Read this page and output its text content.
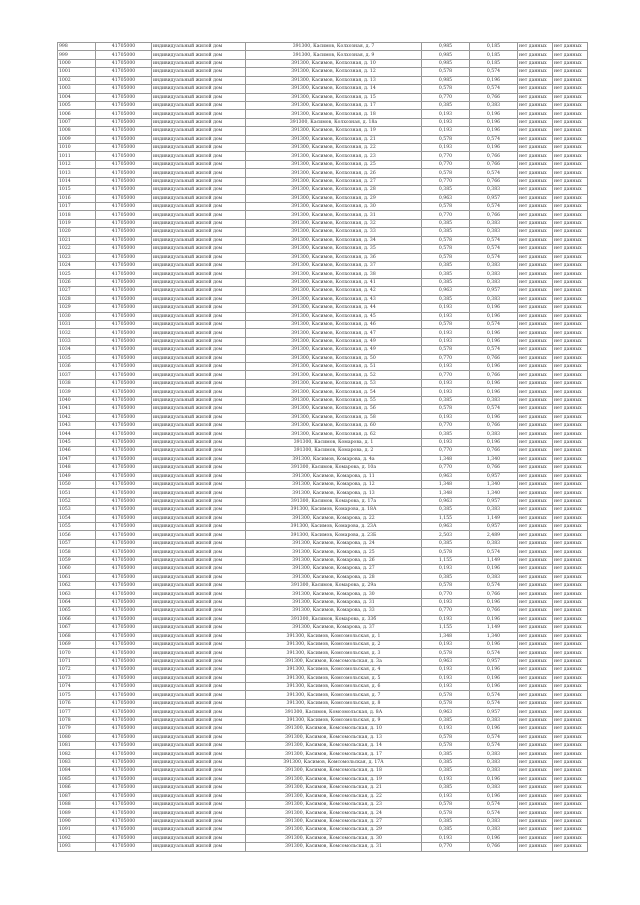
998	41705000	индивидуальный жилой дом	391300, Касимов, Колхозная, д. 7	0,985	0,185	нет данных	нет данных
999	41705000	индивидуальный жилой дом	391300, Касимов, Колхозная, д. 9	0,985	0,185	нет данных	нет данных
1000	41705000	индивидуальный жилой дом	391300, Касимов, Колхозная, д. 10	0,985	0,185	нет данных	нет данных
1001	41705000	индивидуальный жилой дом	391300, Касимов, Колхозная, д. 12	0,578	0,574	нет данных	нет данных
1002	41705000	индивидуальный жилой дом	391300, Касимов, Колхозная, д. 13	0,985	0,196	нет данных	нет данных
1003	41705000	индивидуальный жилой дом	391300, Касимов, Колхозная, д. 14	0,578	0,574	нет данных	нет данных
1004	41705000	индивидуальный жилой дом	391300, Касимов, Колхозная, д. 15	0,770	0,766	нет данных	нет данных
1005	41705000	индивидуальный жилой дом	391300, Касимов, Колхозная, д. 17	0,385	0,383	нет данных	нет данных
1006	41705000	индивидуальный жилой дом	391300, Касимов, Колхозная, д. 18	0,193	0,196	нет данных	нет данных
1007	41705000	индивидуальный жилой дом	391300, Касимов, Колхозная, д. 18а	0,193	0,196	нет данных	нет данных
1008	41705000	индивидуальный жилой дом	391300, Касимов, Колхозная, д. 19	0,193	0,196	нет данных	нет данных
1009	41705000	индивидуальный жилой дом	391300, Касимов, Колхозная, д. 21	0,578	0,574	нет данных	нет данных
1010	41705000	индивидуальный жилой дом	391300, Касимов, Колхозная, д. 22	0,193	0,196	нет данных	нет данных
1011	41705000	индивидуальный жилой дом	391300, Касимов, Колхозная, д. 23	0,770	0,766	нет данных	нет данных
1012	41705000	индивидуальный жилой дом	391300, Касимов, Колхозная, д. 25	0,770	0,766	нет данных	нет данных
1013	41705000	индивидуальный жилой дом	391300, Касимов, Колхозная, д. 26	0,578	0,574	нет данных	нет данных
1014	41705000	индивидуальный жилой дом	391300, Касимов, Колхозная, д. 27	0,770	0,766	нет данных	нет данных
1015	41705000	индивидуальный жилой дом	391300, Касимов, Колхозная, д. 28	0,385	0,383	нет данных	нет данных
1016	41705000	индивидуальный жилой дом	391300, Касимов, Колхозная, д. 29	0,963	0,957	нет данных	нет данных
1017	41705000	индивидуальный жилой дом	391300, Касимов, Колхозная, д. 30	0,578	0,574	нет данных	нет данных
1018	41705000	индивидуальный жилой дом	391300, Касимов, Колхозная, д. 31	0,770	0,766	нет данных	нет данных
1019	41705000	индивидуальный жилой дом	391300, Касимов, Колхозная, д. 32	0,385	0,383	нет данных	нет данных
1020	41705000	индивидуальный жилой дом	391300, Касимов, Колхозная, д. 33	0,385	0,383	нет данных	нет данных
1021	41705000	индивидуальный жилой дом	391300, Касимов, Колхозная, д. 34	0,578	0,574	нет данных	нет данных
1022	41705000	индивидуальный жилой дом	391300, Касимов, Колхозная, д. 35	0,578	0,574	нет данных	нет данных
1023	41705000	индивидуальный жилой дом	391300, Касимов, Колхозная, д. 36	0,578	0,574	нет данных	нет данных
1024	41705000	индивидуальный жилой дом	391300, Касимов, Колхозная, д. 37	0,385	0,383	нет данных	нет данных
1025	41705000	индивидуальный жилой дом	391300, Касимов, Колхозная, д. 38	0,385	0,383	нет данных	нет данных
1026	41705000	индивидуальный жилой дом	391300, Касимов, Колхозная, д. 41	0,385	0,383	нет данных	нет данных
1027	41705000	индивидуальный жилой дом	391300, Касимов, Колхозная, д. 42	0,963	0,957	нет данных	нет данных
1028	41705000	индивидуальный жилой дом	391300, Касимов, Колхозная, д. 43	0,385	0,383	нет данных	нет данных
1029	41705000	индивидуальный жилой дом	391300, Касимов, Колхозная, д. 44	0,193	0,196	нет данных	нет данных
1030	41705000	индивидуальный жилой дом	391300, Касимов, Колхозная, д. 45	0,193	0,196	нет данных	нет данных
1031	41705000	индивидуальный жилой дом	391300, Касимов, Колхозная, д. 46	0,578	0,574	нет данных	нет данных
1032	41705000	индивидуальный жилой дом	391300, Касимов, Колхозная, д. 47	0,193	0,196	нет данных	нет данных
1033	41705000	индивидуальный жилой дом	391300, Касимов, Колхозная, д. 49	0,193	0,196	нет данных	нет данных
1034	41705000	индивидуальный жилой дом	391300, Касимов, Колхозная, д. 49	0,578	0,574	нет данных	нет данных
1035	41705000	индивидуальный жилой дом	391300, Касимов, Колхозная, д. 50	0,770	0,766	нет данных	нет данных
1036	41705000	индивидуальный жилой дом	391300, Касимов, Колхозная, д. 51	0,193	0,196	нет данных	нет данных
1037	41705000	индивидуальный жилой дом	391300, Касимов, Колхозная, д. 52	0,770	0,766	нет данных	нет данных
1038	41705000	индивидуальный жилой дом	391300, Касимов, Колхозная, д. 53	0,193	0,196	нет данных	нет данных
1039	41705000	индивидуальный жилой дом	391300, Касимов, Колхозная, д. 54	0,193	0,196	нет данных	нет данных
1040	41705000	индивидуальный жилой дом	391300, Касимов, Колхозная, д. 55	0,385	0,383	нет данных	нет данных
1041	41705000	индивидуальный жилой дом	391300, Касимов, Колхозная, д. 56	0,578	0,574	нет данных	нет данных
1042	41705000	индивидуальный жилой дом	391300, Касимов, Колхозная, д. 58	0,193	0,196	нет данных	нет данных
1043	41705000	индивидуальный жилой дом	391300, Касимов, Колхозная, д. 60	0,770	0,766	нет данных	нет данных
1044	41705000	индивидуальный жилой дом	391300, Касимов, Колхозная, д. 62	0,385	0,383	нет данных	нет данных
1045	41705000	индивидуальный жилой дом	391300, Касимов, Комарова, д. 1	0,193	0,196	нет данных	нет данных
1046	41705000	индивидуальный жилой дом	391300, Касимов, Комарова, д. 2	0,770	0,766	нет данных	нет данных
1047	41705000	индивидуальный жилой дом	391300, Касимов, Комарова, д. 4а	1,348	1,340	нет данных	нет данных
1048	41705000	индивидуальный жилой дом	391300, Касимов, Комарова, д. 10а	0,770	0,766	нет данных	нет данных
1049	41705000	индивидуальный жилой дом	391300, Касимов, Комарова, д. 11	0,963	0,957	нет данных	нет данных
1050	41705000	индивидуальный жилой дом	391300, Касимов, Комарова, д. 12	1,348	1,340	нет данных	нет данных
1051	41705000	индивидуальный жилой дом	391300, Касимов, Комарова, д. 13	1,348	1,340	нет данных	нет данных
1052	41705000	индивидуальный жилой дом	391300, Касимов, Комарова, д. 17а	0,963	0,957	нет данных	нет данных
1053	41705000	индивидуальный жилой дом	391300, Касимов, Комарова, д. 18А	0,385	0,383	нет данных	нет данных
1054	41705000	индивидуальный жилой дом	391300, Касимов, Комарова, д. 22	1,155	1,149	нет данных	нет данных
1055	41705000	индивидуальный жилой дом	391300, Касимов, Комарова, д. 23А	0,963	0,957	нет данных	нет данных
1056	41705000	индивидуальный жилой дом	391300, Касимов, Комарова, д. 23Б	2,503	2,489	нет данных	нет данных
1057	41705000	индивидуальный жилой дом	391300, Касимов, Комарова, д. 24	0,385	0,383	нет данных	нет данных
1058	41705000	индивидуальный жилой дом	391300, Касимов, Комарова, д. 25	0,578	0,574	нет данных	нет данных
1059	41705000	индивидуальный жилой дом	391300, Касимов, Комарова, д. 26	1,155	1,149	нет данных	нет данных
1060	41705000	индивидуальный жилой дом	391300, Касимов, Комарова, д. 27	0,193	0,196	нет данных	нет данных
1061	41705000	индивидуальный жилой дом	391300, Касимов, Комарова, д. 28	0,385	0,383	нет данных	нет данных
1062	41705000	индивидуальный жилой дом	391300, Касимов, Комарова, д. 29а	0,578	0,574	нет данных	нет данных
1063	41705000	индивидуальный жилой дом	391300, Касимов, Комарова, д. 30	0,770	0,766	нет данных	нет данных
1064	41705000	индивидуальный жилой дом	391300, Касимов, Комарова, д. 31	0,193	0,196	нет данных	нет данных
1065	41705000	индивидуальный жилой дом	391300, Касимов, Комарова, д. 33	0,770	0,766	нет данных	нет данных
1066	41705000	индивидуальный жилой дом	391300, Касимов, Комарова, д. 33б	0,193	0,196	нет данных	нет данных
1067	41705000	индивидуальный жилой дом	391300, Касимов, Комарова, д. 37	1,155	1,149	нет данных	нет данных
1068	41705000	индивидуальный жилой дом	391300, Касимов, Комсомольская, д. 1	1,348	1,340	нет данных	нет данных
1069	41705000	индивидуальный жилой дом	391300, Касимов, Комсомольская, д. 2	0,193	0,196	нет данных	нет данных
1070	41705000	индивидуальный жилой дом	391300, Касимов, Комсомольская, д. 3	0,578	0,574	нет данных	нет данных
1071	41705000	индивидуальный жилой дом	391300, Касимов, Комсомольская, д. 3а	0,963	0,957	нет данных	нет данных
1072	41705000	индивидуальный жилой дом	391300, Касимов, Комсомольская, д. 4	0,193	0,196	нет данных	нет данных
1073	41705000	индивидуальный жилой дом	391300, Касимов, Комсомольская, д. 5	0,193	0,196	нет данных	нет данных
1074	41705000	индивидуальный жилой дом	391300, Касимов, Комсомольская, д. 6	0,193	0,196	нет данных	нет данных
1075	41705000	индивидуальный жилой дом	391300, Касимов, Комсомольская, д. 7	0,578	0,574	нет данных	нет данных
1076	41705000	индивидуальный жилой дом	391300, Касимов, Комсомольская, д. 8	0,578	0,574	нет данных	нет данных
1077	41705000	индивидуальный жилой дом	391300, Касимов, Комсомольская, д. 8А	0,963	0,957	нет данных	нет данных
1078	41705000	индивидуальный жилой дом	391300, Касимов, Комсомольская, д. 9	0,385	0,383	нет данных	нет данных
1079	41705000	индивидуальный жилой дом	391300, Касимов, Комсомольская, д. 10	0,193	0,196	нет данных	нет данных
1080	41705000	индивидуальный жилой дом	391300, Касимов, Комсомольская, д. 13	0,578	0,574	нет данных	нет данных
1081	41705000	индивидуальный жилой дом	391300, Касимов, Комсомольская, д. 14	0,578	0,574	нет данных	нет данных
1082	41705000	индивидуальный жилой дом	391300, Касимов, Комсомольская, д. 17	0,385	0,383	нет данных	нет данных
1083	41705000	индивидуальный жилой дом	391300, Касимов, Комсомольская, д. 17А	0,385	0,383	нет данных	нет данных
1084	41705000	индивидуальный жилой дом	391300, Касимов, Комсомольская, д. 18	0,385	0,383	нет данных	нет данных
1085	41705000	индивидуальный жилой дом	391300, Касимов, Комсомольская, д. 19	0,193	0,196	нет данных	нет данных
1086	41705000	индивидуальный жилой дом	391300, Касимов, Комсомольская, д. 21	0,385	0,383	нет данных	нет данных
1087	41705000	индивидуальный жилой дом	391300, Касимов, Комсомольская, д. 22	0,193	0,196	нет данных	нет данных
1088	41705000	индивидуальный жилой дом	391300, Касимов, Комсомольская, д. 23	0,578	0,574	нет данных	нет данных
1089	41705000	индивидуальный жилой дом	391300, Касимов, Комсомольская, д. 24	0,578	0,574	нет данных	нет данных
1090	41705000	индивидуальный жилой дом	391300, Касимов, Комсомольская, д. 27	0,385	0,383	нет данных	нет данных
1091	41705000	индивидуальный жилой дом	391300, Касимов, Комсомольская, д. 29	0,385	0,383	нет данных	нет данных
1092	41705000	индивидуальный жилой дом	391300, Касимов, Комсомольская, д. 30	0,193	0,196	нет данных	нет данных
1093	41705000	индивидуальный жилой дом	391300, Касимов, Комсомольская, д. 31	0,770	0,766	нет данных	нет данных
